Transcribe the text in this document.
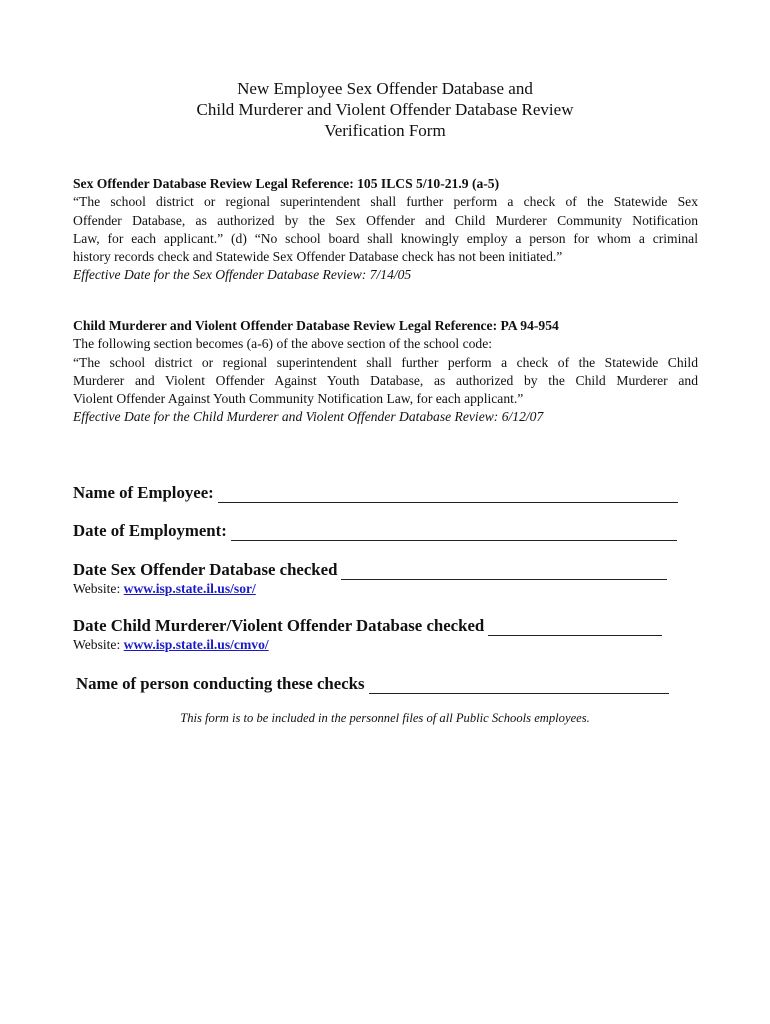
New Employee Sex Offender Database and
Child Murderer and Violent Offender Database Review
Verification Form
Sex Offender Database Review Legal Reference: 105 ILCS 5/10-21.9 (a-5)
“The school district or regional superintendent shall further perform a check of the Statewide Sex
Offender Database, as authorized by the Sex Offender and Child Murderer Community Notification
Law, for each applicant.” (d) “No school board shall knowingly employ a person for whom a criminal
history records check and Statewide Sex Offender Database check has not been initiated.”
Effective Date for the Sex Offender Database Review: 7/14/05
Child Murderer and Violent Offender Database Review Legal Reference: PA 94-954
The following section becomes (a-6) of the above section of the school code:
“The school district or regional superintendent shall further perform a check of the Statewide Child
Murderer and Violent Offender Against Youth Database, as authorized by the Child Murderer and
Violent Offender Against Youth Community Notification Law, for each applicant.”
Effective Date for the Child Murderer and Violent Offender Database Review: 6/12/07
Name of Employee:
Date of Employment:
Date Sex Offender Database checked
Website: www.isp.state.il.us/sor/
Date Child Murderer/Violent Offender Database checked
Website: www.isp.state.il.us/cmvo/
Name of person conducting these checks
This form is to be included in the personnel files of all Public Schools employees.
